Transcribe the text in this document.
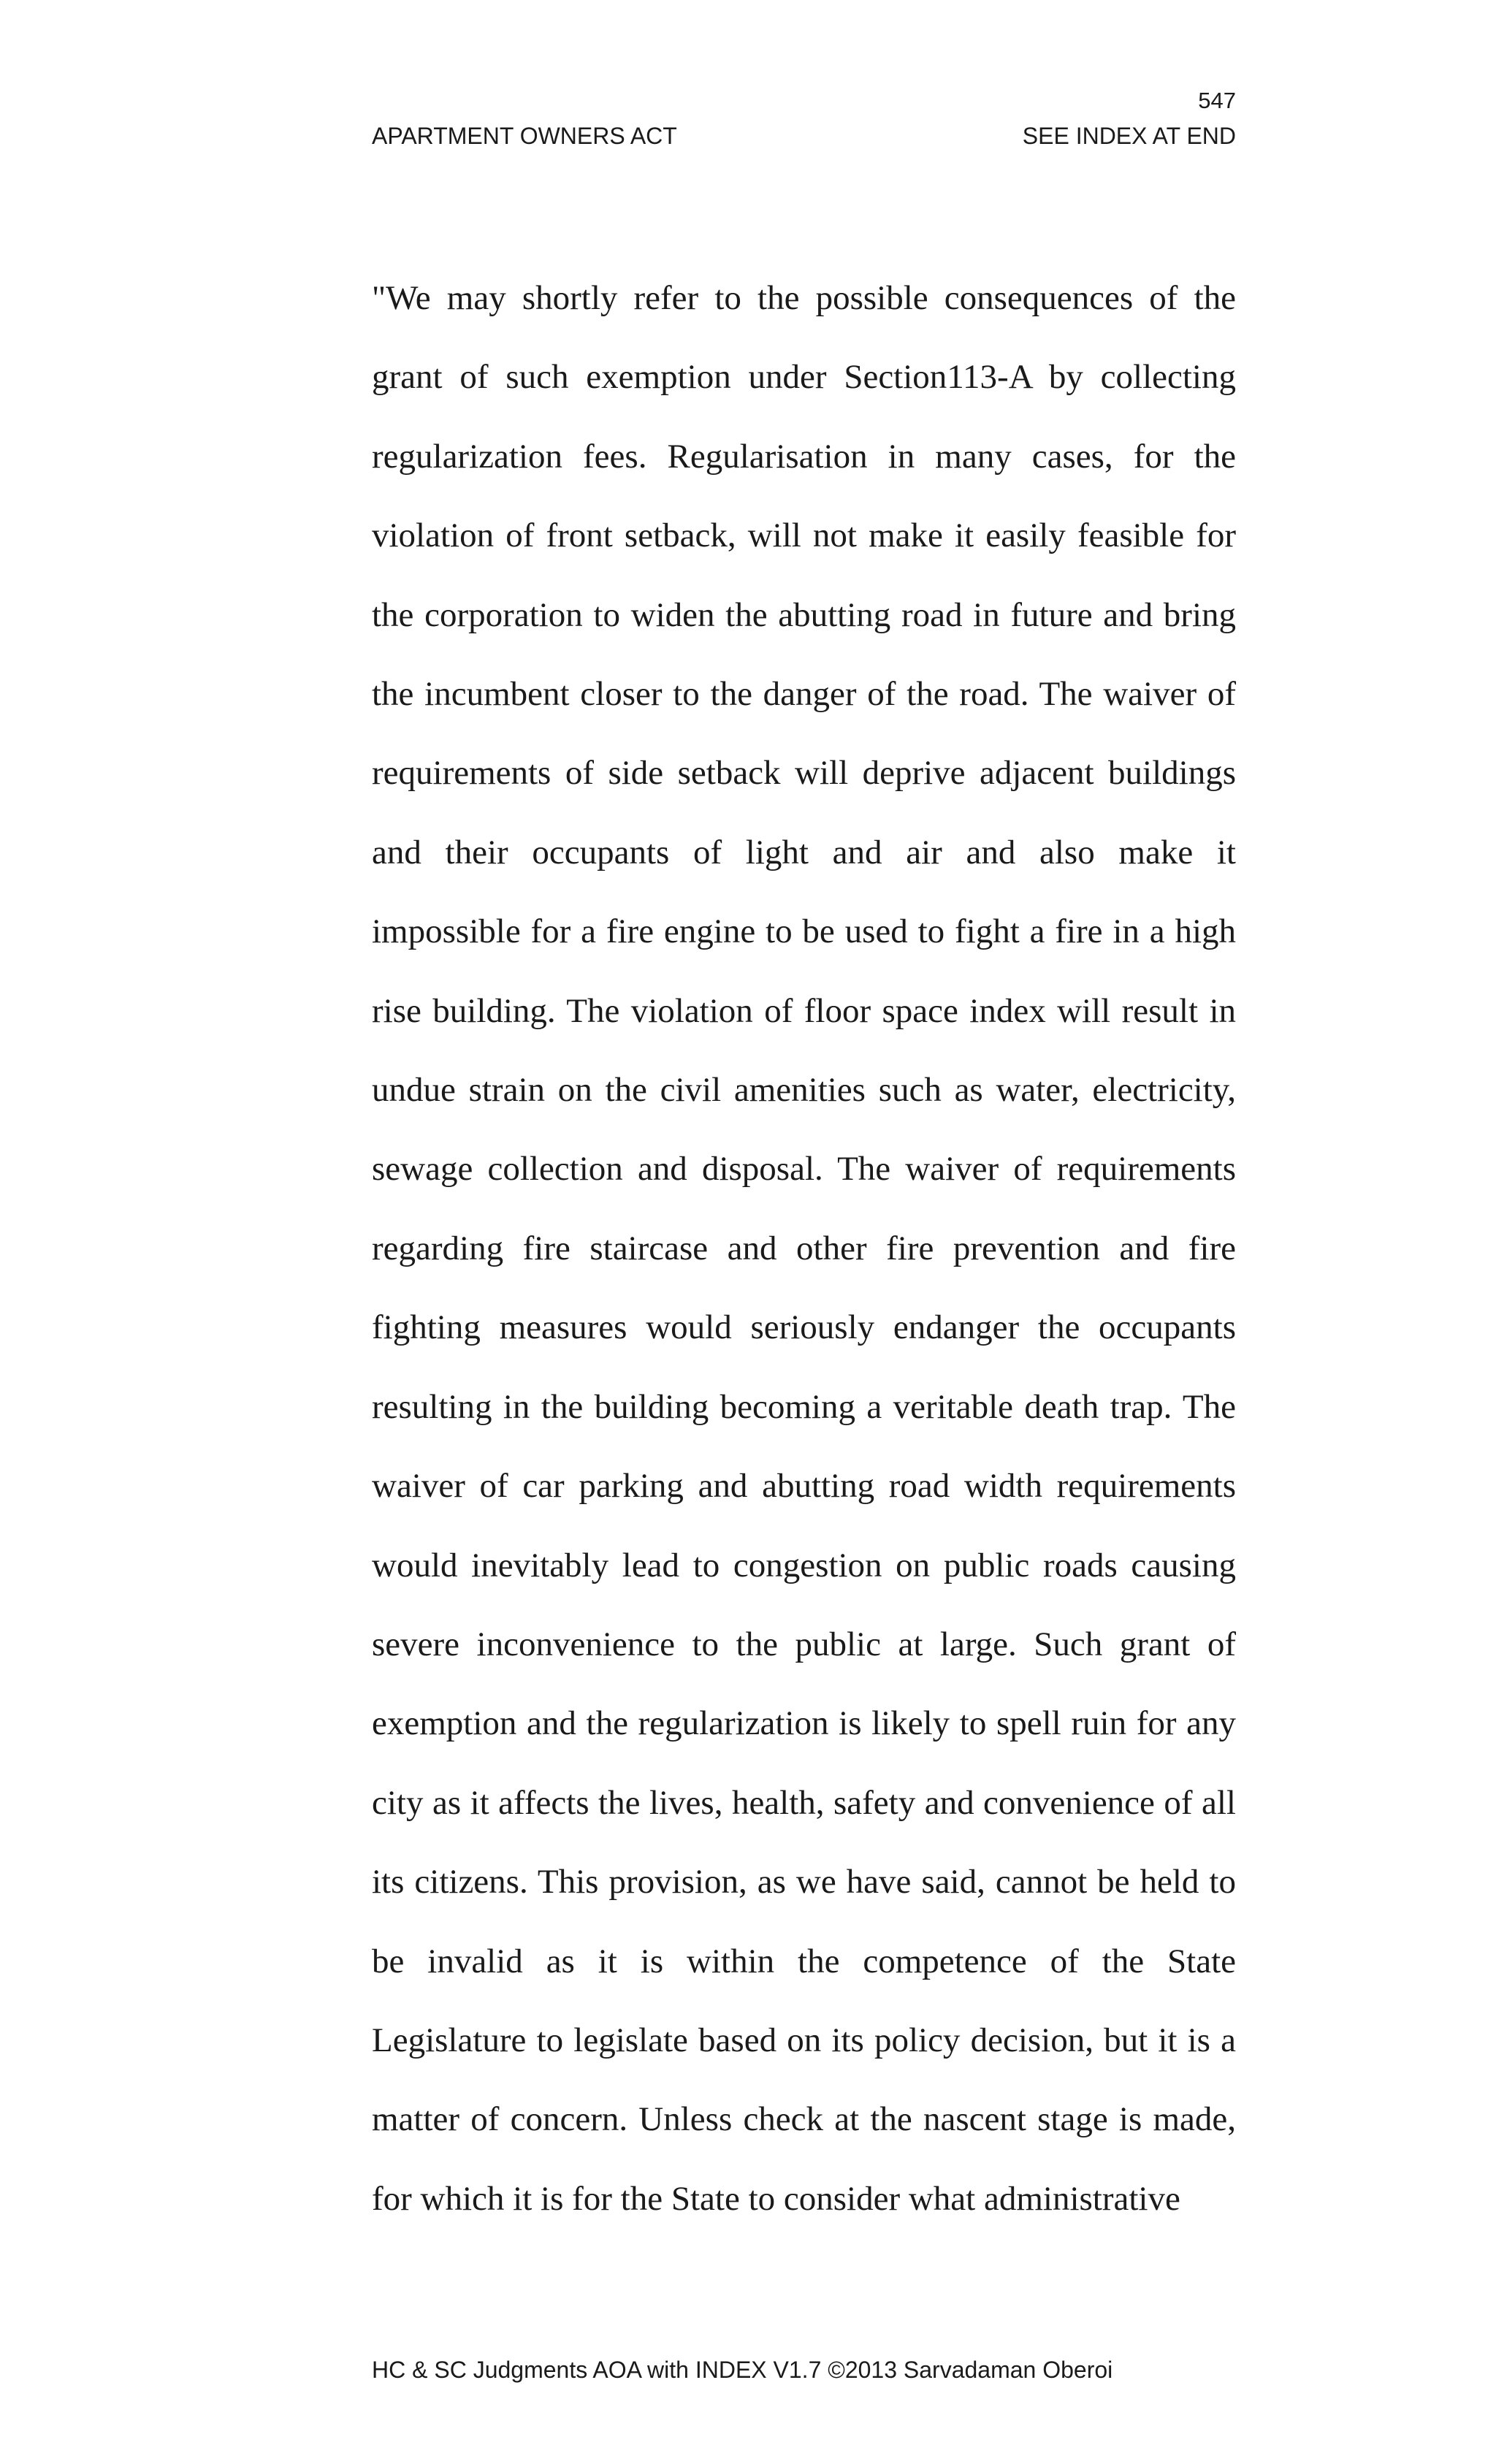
547
APARTMENT OWNERS ACT	SEE INDEX AT END

"We may shortly refer to the possible consequences of the grant of such exemption under Section113-A by collecting regularization fees. Regularisation in many cases, for the violation of front setback, will not make it easily feasible for the corporation to widen the abutting road in future and bring the incumbent closer to the danger of the road. The waiver of requirements of side setback will deprive adjacent buildings and their occupants of light and air and also make it impossible for a fire engine to be used to fight a fire in a high rise building. The violation of floor space index will result in undue strain on the civil amenities such as water, electricity, sewage collection and disposal. The waiver of requirements regarding fire staircase and other fire prevention and fire fighting measures would seriously endanger the occupants resulting in the building becoming a veritable death trap. The waiver of car parking and abutting road width requirements would inevitably lead to congestion on public roads causing severe inconvenience to the public at large. Such grant of exemption and the regularization is likely to spell ruin for any city as it affects the lives, health, safety and convenience of all its citizens. This provision, as we have said, cannot be held to be invalid as it is within the competence of the State Legislature to legislate based on its policy decision, but it is a matter of concern. Unless check at the nascent stage is made, for which it is for the State to consider what administrative

HC & SC Judgments AOA with INDEX V1.7 ©2013 Sarvadaman Oberoi
